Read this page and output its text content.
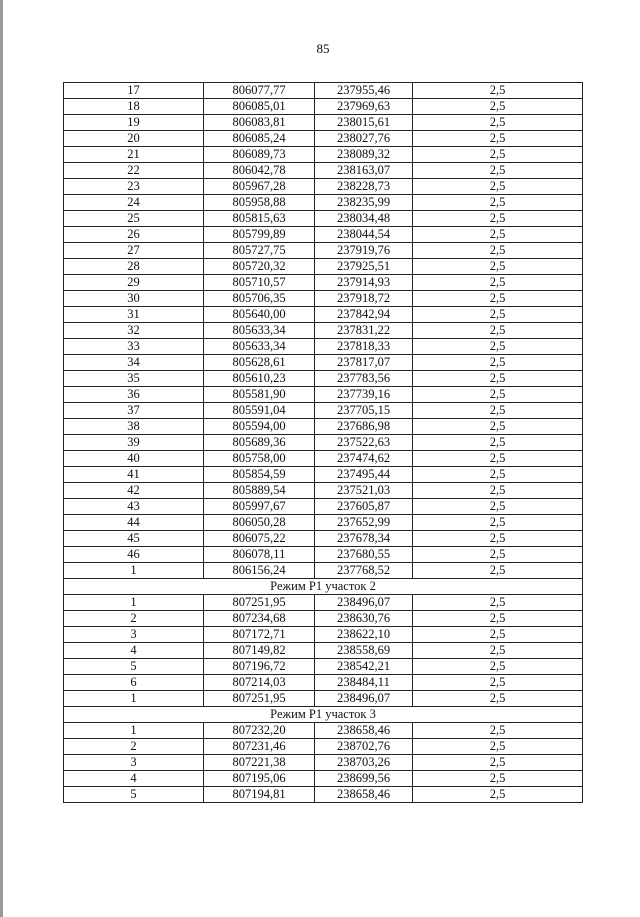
85
17	806077,77	237955,46	2,5
18	806085,01	237969,63	2,5
19	806083,81	238015,61	2,5
20	806085,24	238027,76	2,5
21	806089,73	238089,32	2,5
22	806042,78	238163,07	2,5
23	805967,28	238228,73	2,5
24	805958,88	238235,99	2,5
25	805815,63	238034,48	2,5
26	805799,89	238044,54	2,5
27	805727,75	237919,76	2,5
28	805720,32	237925,51	2,5
29	805710,57	237914,93	2,5
30	805706,35	237918,72	2,5
31	805640,00	237842,94	2,5
32	805633,34	237831,22	2,5
33	805633,34	237818,33	2,5
34	805628,61	237817,07	2,5
35	805610,23	237783,56	2,5
36	805581,90	237739,16	2,5
37	805591,04	237705,15	2,5
38	805594,00	237686,98	2,5
39	805689,36	237522,63	2,5
40	805758,00	237474,62	2,5
41	805854,59	237495,44	2,5
42	805889,54	237521,03	2,5
43	805997,67	237605,87	2,5
44	806050,28	237652,99	2,5
45	806075,22	237678,34	2,5
46	806078,11	237680,55	2,5
1	806156,24	237768,52	2,5
Режим Р1 участок 2			
1	807251,95	238496,07	2,5
2	807234,68	238630,76	2,5
3	807172,71	238622,10	2,5
4	807149,82	238558,69	2,5
5	807196,72	238542,21	2,5
6	807214,03	238484,11	2,5
1	807251,95	238496,07	2,5
Режим Р1 участок 3			
1	807232,20	238658,46	2,5
2	807231,46	238702,76	2,5
3	807221,38	238703,26	2,5
4	807195,06	238699,56	2,5
5	807194,81	238658,46	2,5
